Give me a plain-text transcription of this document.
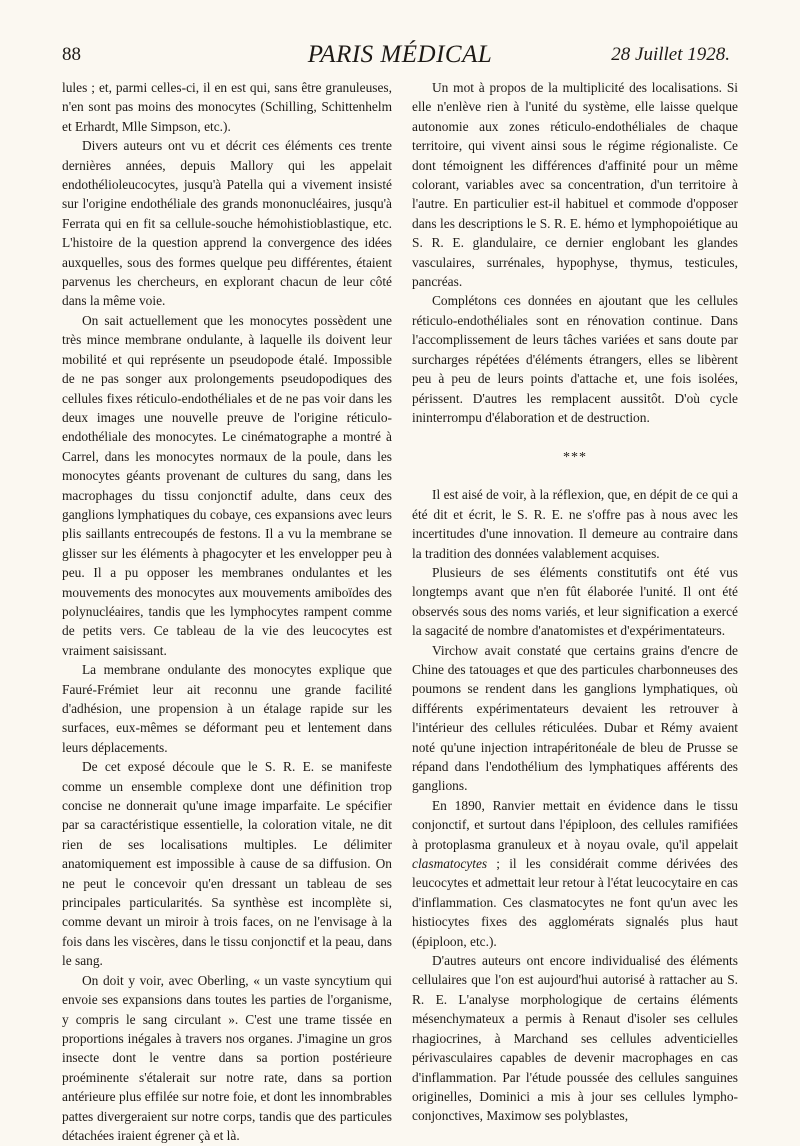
88	PARIS MÉDICAL	28 Juillet 1928.

lules ; et, parmi celles-ci, il en est qui, sans être granuleuses, n'en sont pas moins des monocytes (Schilling, Schittenhelm et Erhardt, Mlle Simpson, etc.).

Divers auteurs ont vu et décrit ces éléments ces trente dernières années, depuis Mallory qui les appelait endothélioleucocytes, jusqu'à Patella qui a vivement insisté sur l'origine endothéliale des grands mononucléaires, jusqu'à Ferrata qui en fit sa cellule-souche hémohistioblastique, etc. L'histoire de la question apprend la convergence des idées auxquelles, sous des formes quelque peu différentes, étaient parvenus les chercheurs, en explorant chacun de leur côté dans la même voie.

On sait actuellement que les monocytes possèdent une très mince membrane ondulante, à laquelle ils doivent leur mobilité et qui représente un pseudopode étalé. Impossible de ne pas songer aux prolongements pseudopodiques des cellules fixes réticulo-endothéliales et de ne pas voir dans les deux images une nouvelle preuve de l'origine réticulo-endothéliale des monocytes. Le cinématographe a montré à Carrel, dans les monocytes normaux de la poule, dans les monocytes géants provenant de cultures du sang, dans les macrophages du tissu conjonctif adulte, dans ceux des ganglions lymphatiques du cobaye, ces expansions avec leurs plis saillants entrecoupés de festons. Il a vu la membrane se glisser sur les éléments à phagocyter et les envelopper peu à peu. Il a pu opposer les membranes ondulantes et les mouvements des monocytes aux mouvements amiboïdes des polynucléaires, tandis que les lymphocytes rampent comme de petits vers. Ce tableau de la vie des leucocytes est vraiment saisissant.

La membrane ondulante des monocytes explique que Fauré-Frémiet leur ait reconnu une grande facilité d'adhésion, une propension à un étalage rapide sur les surfaces, eux-mêmes se déformant peu et lentement dans leurs déplacements.

De cet exposé découle que le S. R. E. se manifeste comme un ensemble complexe dont une définition trop concise ne donnerait qu'une image imparfaite. Le spécifier par sa caractéristique essentielle, la coloration vitale, ne dit rien de ses localisations multiples. Le délimiter anatomiquement est impossible à cause de sa diffusion. On ne peut le concevoir qu'en dressant un tableau de ses principales particularités. Sa synthèse est incomplète si, comme devant un miroir à trois faces, on ne l'envisage à la fois dans les viscères, dans le tissu conjonctif et la peau, dans le sang.

On doit y voir, avec Oberling, « un vaste syncytium qui envoie ses expansions dans toutes les parties de l'organisme, y compris le sang circulant ». C'est une trame tissée en proportions inégales à travers nos organes. J'imagine un gros insecte dont le ventre dans sa portion postérieure proéminente s'étalerait sur notre rate, dans sa portion antérieure plus effilée sur notre foie, et dont les innombrables pattes divergeraient sur notre corps, tandis que des particules détachées iraient égrener çà et là.

Un mot à propos de la multiplicité des localisations. Si elle n'enlève rien à l'unité du système, elle laisse quelque autonomie aux zones réticulo-endothéliales de chaque territoire, qui vivent ainsi sous le régime régionaliste. Ce dont témoignent les différences d'affinité pour un même colorant, variables avec sa concentration, d'un territoire à l'autre. En particulier est-il habituel et commode d'opposer dans les descriptions le S. R. E. hémo et lymphopoiétique au S. R. E. glandulaire, ce dernier englobant les glandes vasculaires, surrénales, hypophyse, thymus, testicules, pancréas.

Complétons ces données en ajoutant que les cellules réticulo-endothéliales sont en rénovation continue. Dans l'accomplissement de leurs tâches variées et sans doute par surcharges répétées d'éléments étrangers, elles se libèrent peu à peu de leurs points d'attache et, une fois isolées, périssent. D'autres les remplacent aussitôt. D'où cycle ininterrompu d'élaboration et de destruction.

***

Il est aisé de voir, à la réflexion, que, en dépit de ce qui a été dit et écrit, le S. R. E. ne s'offre pas à nous avec les incertitudes d'une innovation. Il demeure au contraire dans la tradition des données valablement acquises.

Plusieurs de ses éléments constitutifs ont été vus longtemps avant que n'en fût élaborée l'unité. Il ont été observés sous des noms variés, et leur signification a exercé la sagacité de nombre d'anatomistes et d'expérimentateurs.

Virchow avait constaté que certains grains d'encre de Chine des tatouages et que des particules charbonneuses des poumons se rendent dans les ganglions lymphatiques, où différents expérimentateurs devaient les retrouver à l'intérieur des cellules réticulées. Dubar et Rémy avaient noté qu'une injection intrapéritonéale de bleu de Prusse se répand dans l'endothélium des lymphatiques afférents des ganglions.

En 1890, Ranvier mettait en évidence dans le tissu conjonctif, et surtout dans l'épiploon, des cellules ramifiées à protoplasma granuleux et à noyau ovale, qu'il appelait clasmatocytes ; il les considérait comme dérivées des leucocytes et admettait leur retour à l'état leucocytaire en cas d'inflammation. Ces clasmatocytes ne font qu'un avec les histiocytes fixes des agglomérats signalés plus haut (épiploon, etc.).

D'autres auteurs ont encore individualisé des éléments cellulaires que l'on est aujourd'hui autorisé à rattacher au S. R. E. L'analyse morphologique de certains éléments mésenchymateux a permis à Renaut d'isoler ses cellules rhagiocrines, à Marchand ses cellules adventicielles périvasculaires capables de devenir macrophages en cas d'inflammation. Par l'étude poussée des cellules sanguines originelles, Dominici a mis à jour ses cellules lympho-conjonctives, Maximow ses polyblastes,
